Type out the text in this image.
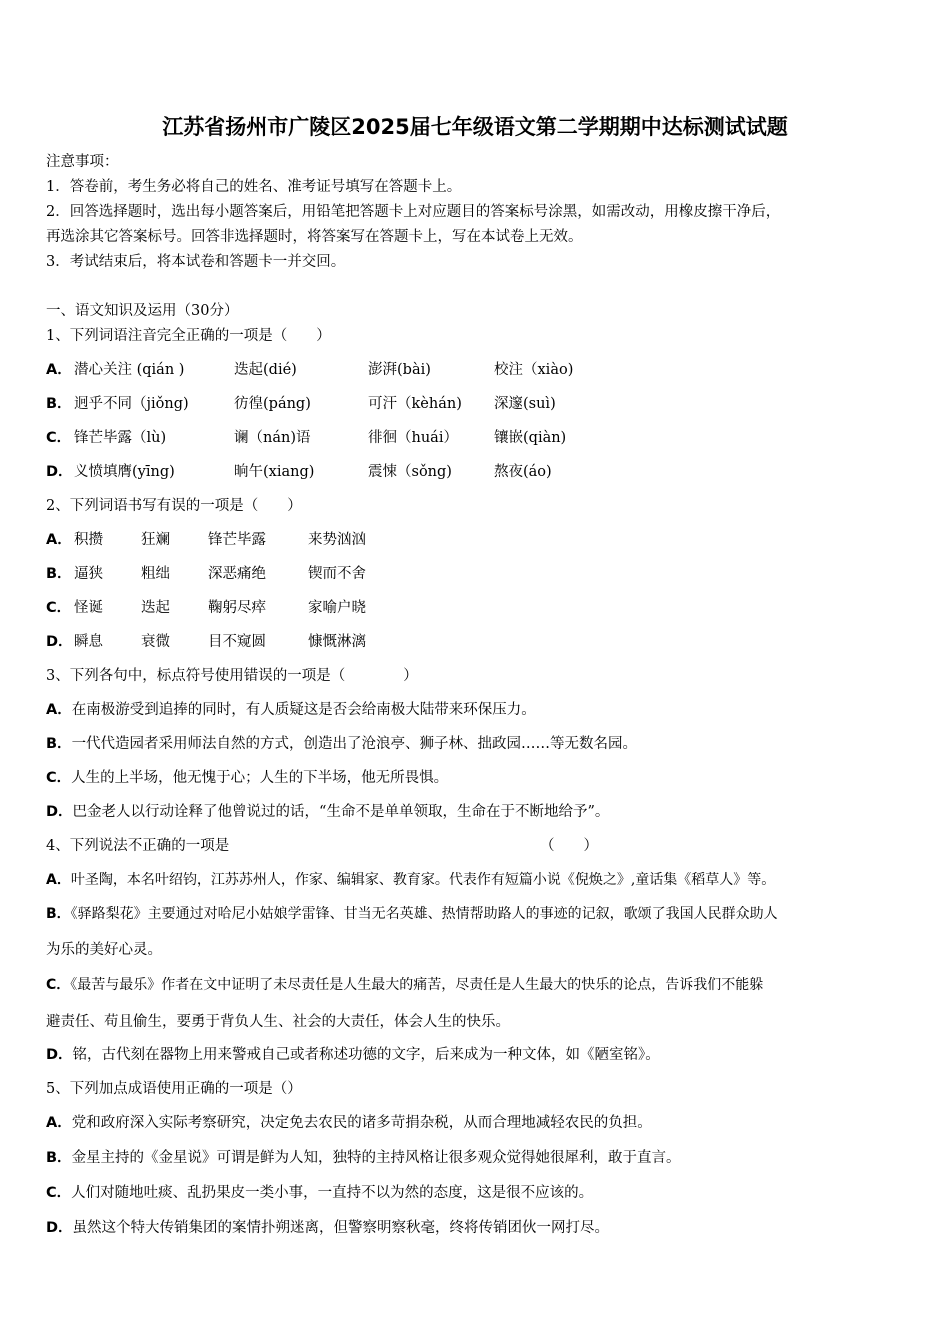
江苏省扬州市广陵区2025届七年级语文第二学期期中达标测试试题
注意事项：
1．答卷前，考生务必将自己的姓名、准考证号填写在答题卡上。
2．回答选择题时，选出每小题答案后，用铅笔把答题卡上对应题目的答案标号涂黑，如需改动，用橡皮擦干净后，
再选涂其它答案标号。回答非选择题时，将答案写在答题卡上，写在本试卷上无效。
3．考试结束后，将本试卷和答题卡一并交回。
一、语文知识及运用（30分）
1、下列词语注音完全正确的一项是（　　）
A． 潜心关注 (qián )	迭起(dié)	澎湃(bài)	校注（xiào)
B． 迥乎不同（jiǒng)	彷徨(páng)	可汗（kèhán) 深邃(suì)
C． 锋芒毕露（lù)	谰（nán)语	徘徊（huái） 镶嵌(qiàn)
D． 义愤填膺(yīng)	晌午(xiang)	震悚（sǒng)	熬夜(áo)
2、下列词语书写有误的一项是（　　）
A． 积攒	狂斓	锋芒毕露	来势汹汹
B． 逼狭	粗绌	深恶痛绝	锲而不舍
C． 怪诞	迭起	鞠躬尽瘁	家喻户晓
D． 瞬息	衰微	目不窥圆	慷慨淋漓
3、下列各句中，标点符号使用错误的一项是（　　　　）
A．在南极游受到追捧的同时，有人质疑这是否会给南极大陆带来环保压力。
B．一代代造园者采用师法自然的方式，创造出了沧浪亭、狮子林、拙政园……等无数名园。
C．人生的上半场，他无愧于心；人生的下半场，他无所畏惧。
D．巴金老人以行动诠释了他曾说过的话，“生命不是单单领取，生命在于不断地给予”。
4、下列说法不正确的一项是	（　　）
A．叶圣陶，本名叶绍钧，江苏苏州人，作家、编辑家、教育家。代表作有短篇小说《倪焕之》,童话集《稻草人》等。
B．《驿路梨花》主要通过对哈尼小姑娘学雷锋、甘当无名英雄、热情帮助路人的事迹的记叙，歌颂了我国人民群众助人
为乐的美好心灵。
C．《最苦与最乐》作者在文中证明了未尽责任是人生最大的痛苦，尽责任是人生最大的快乐的论点，告诉我们不能躲
避责任、苟且偷生，要勇于背负人生、社会的大责任，体会人生的快乐。
D．铭，古代刻在器物上用来警戒自己或者称述功德的文字，后来成为一种文体，如《陋室铭》。
5、下列加点成语使用正确的一项是（）
A．党和政府深入实际考察研究，决定免去农民的诸多苛捐杂税，从而合理地减轻农民的负担。
B．金星主持的《金星说》可谓是鲜为人知，独特的主持风格让很多观众觉得她很犀利，敢于直言。
C．人们对随地吐痰、乱扔果皮一类小事，一直持不以为然的态度，这是很不应该的。
D．虽然这个特大传销集团的案情扑朔迷离，但警察明察秋毫，终将传销团伙一网打尽。
